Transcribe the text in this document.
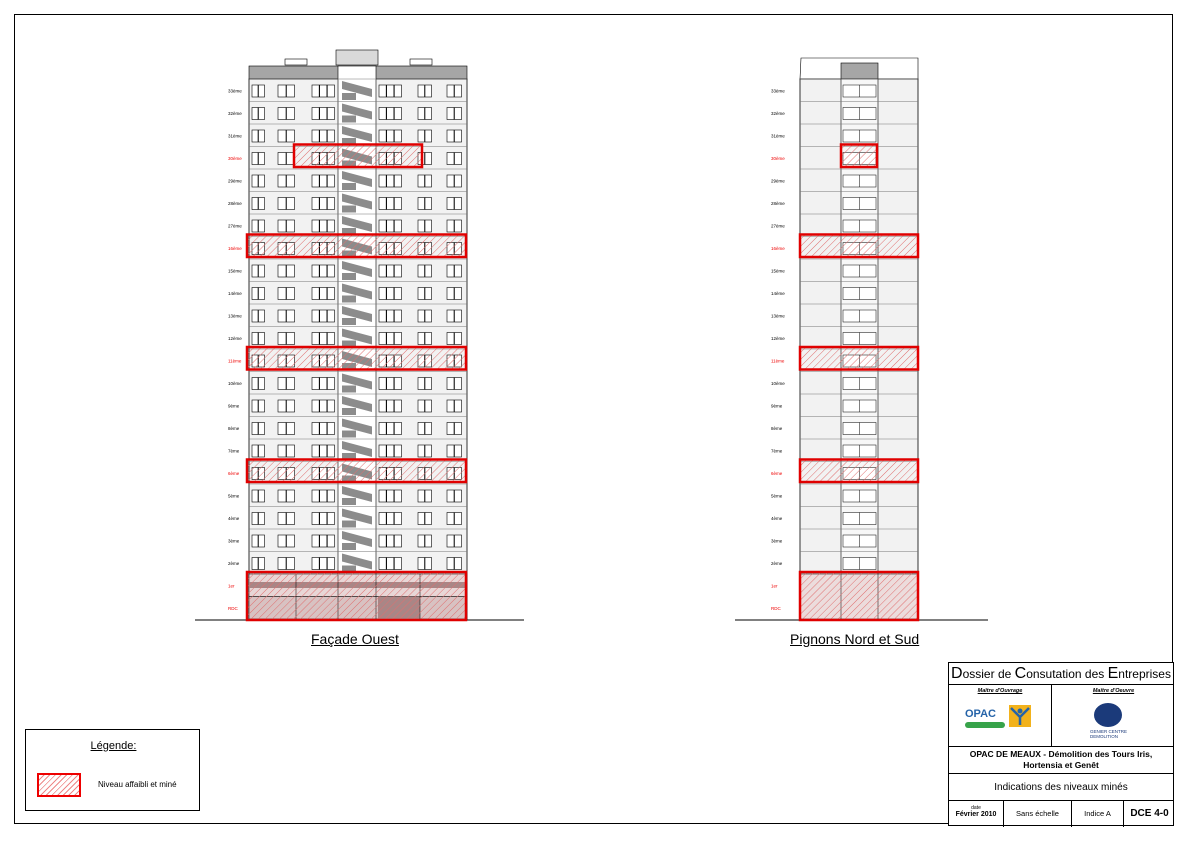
33ème
32ème
31ème
30ème
29ème
28ème
27ème
16ème
15ème
14ème
13ème
12ème
11ème
10ème
9ème
8ème
7ème
6ème
5ème
4ème
3ème
2ème
1er
RDC
33ème
32ème
31ème
30ème
29ème
28ème
27ème
16ème
15ème
14ème
13ème
12ème
11ème
10ème
9ème
8ème
7ème
6ème
5ème
4ème
3ème
2ème
1er
RDC
Façade Ouest	Pignons Nord et Sud
Légende:
Niveau affaibli et miné
Dossier de Consutation des Entreprises
Maître d'Ouvrage
OPAC
Maître d'Oeuvre
GENIER CENTRE DEMOLITION
OPAC DE MEAUX - Démolition des Tours Iris,
Hortensia et Genêt
Indications des niveaux minés
date
Février 2010	Sans échelle	Indice A	DCE 4-0
